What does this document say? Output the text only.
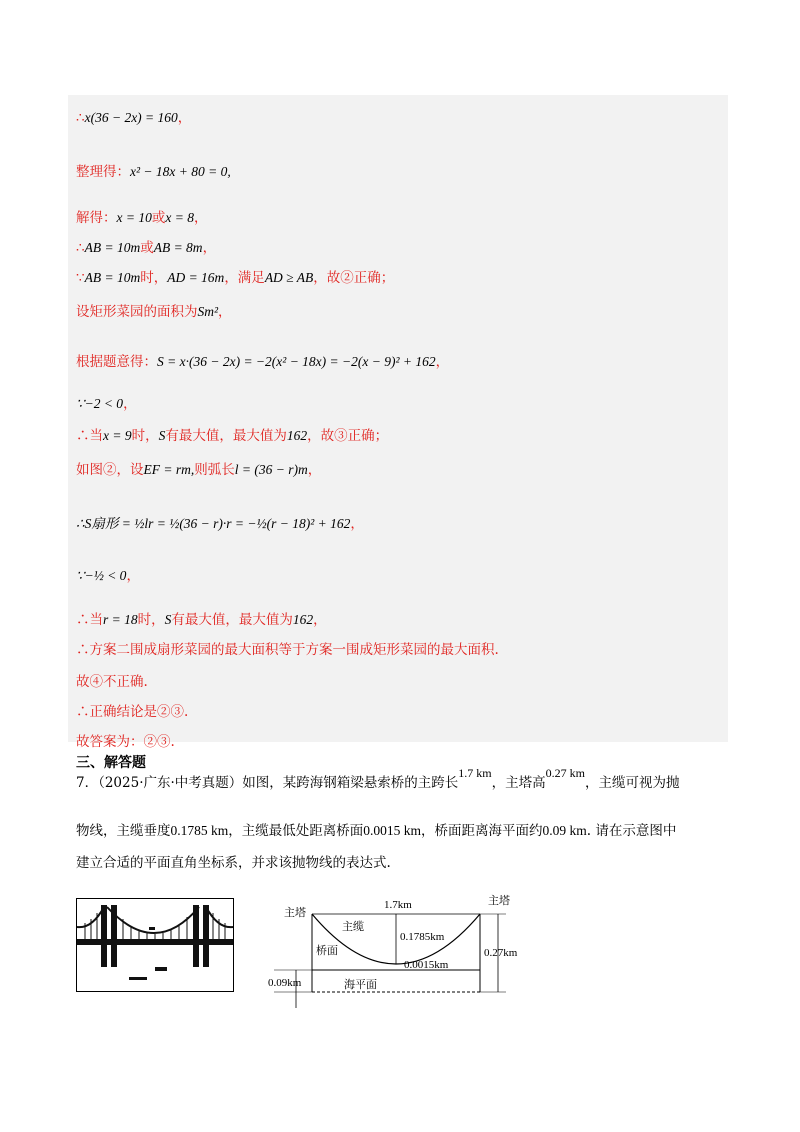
∴x(36 − 2x) = 160，
整理得：x² − 18x + 80 = 0,
解得：x = 10或x = 8，
∴AB = 10m或AB = 8m，
∵AB = 10m时，AD = 16m，满足AD ≥ AB，故②正确；
设矩形菜园的面积为Sm²，
根据题意得：S = x·(36 − 2x) = −2(x² − 18x) = −2(x − 9)² + 162，
∵−2 < 0，
∴当x = 9时，S有最大值，最大值为162，故③正确；
如图②，设EF = rm,则弧长l = (36 − r)m，
∴S扇形 = ½lr = ½(36 − r)·r = −½(r − 18)² + 162，
∵−½ < 0，
∴当r = 18时，S有最大值，最大值为162，
∴方案二围成扇形菜园的最大面积等于方案一围成矩形菜园的最大面积.
故④不正确.
∴正确结论是②③.
故答案为：②③.
三、解答题
7．（2025·广东·中考真题）如图，某跨海钢箱梁悬索桥的主跨长1.7 km，主塔高0.27 km，主缆可视为抛
物线，主缆垂度0.1785 km，主缆最低处距离桥面0.0015 km，桥面距离海平面约0.09 km. 请在示意图中
建立合适的平面直角坐标系，并求该抛物线的表达式.
1.7km
主塔
主塔
主缆
桥面
海平面
0.1785km
0.0015km
0.27km
0.09km
